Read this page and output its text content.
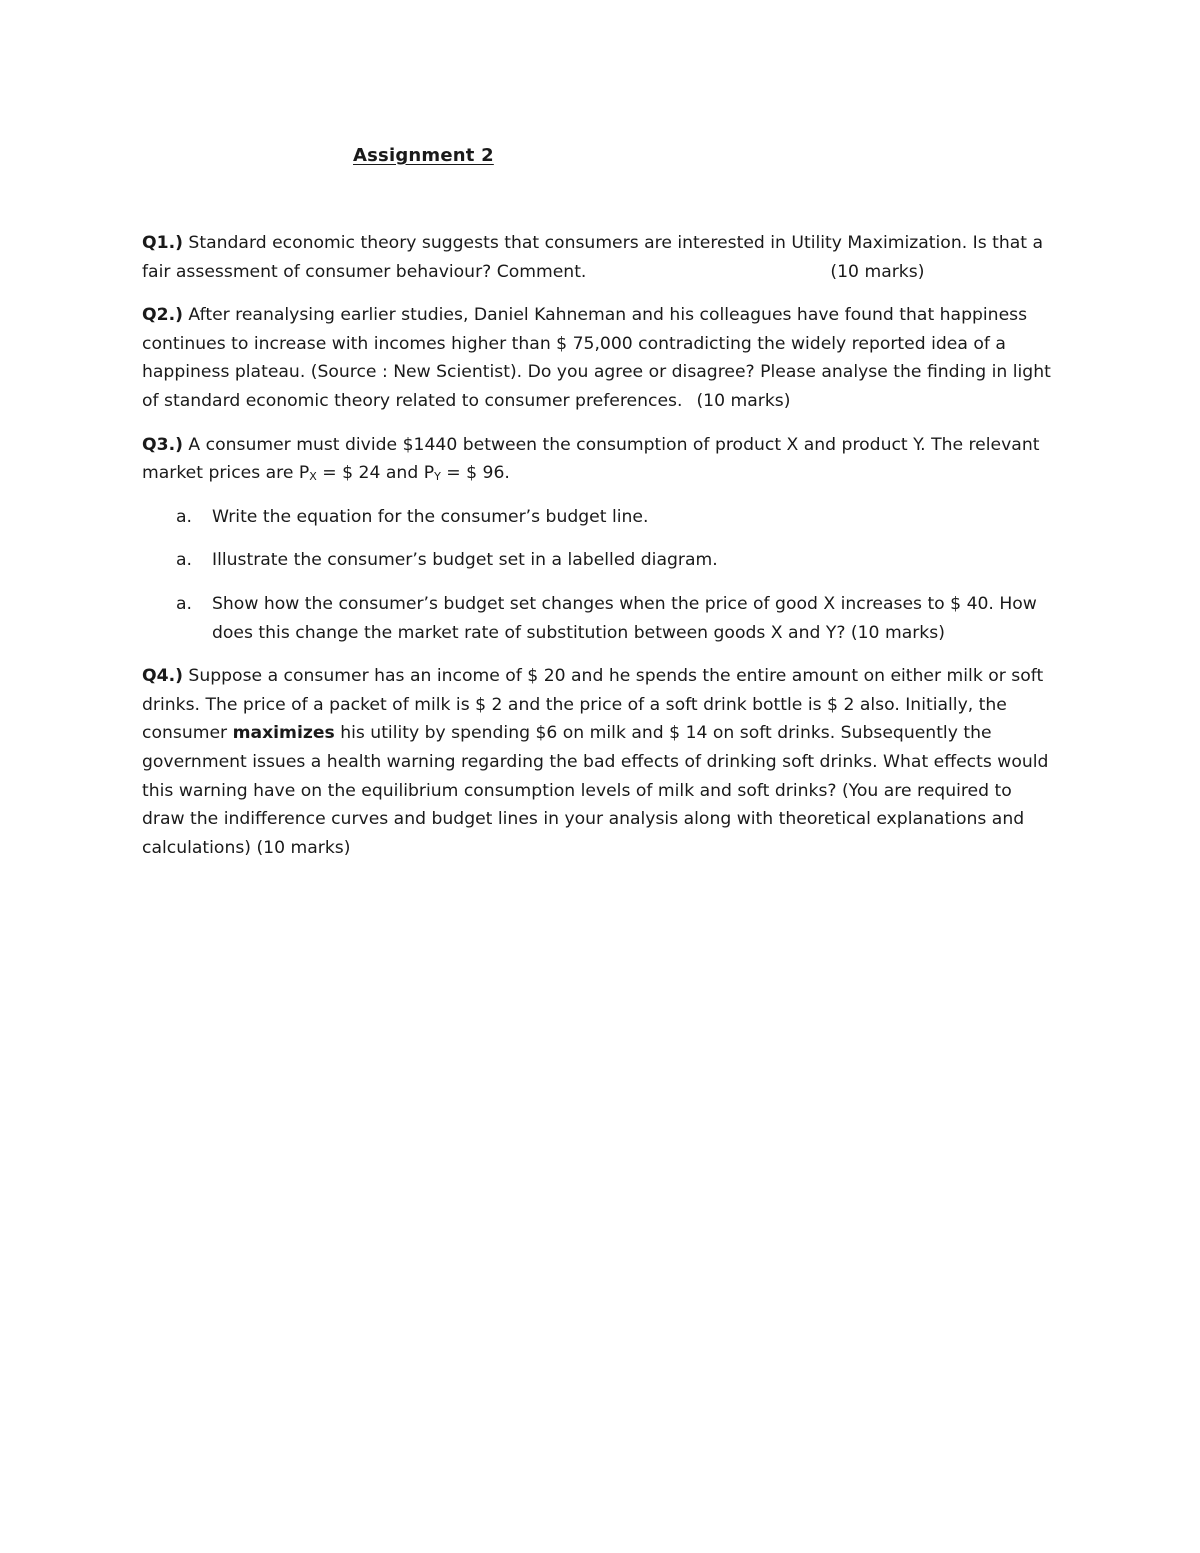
Assignment 2
Q1.) Standard economic theory suggests that consumers are interested in Utility Maximization. Is that a
fair assessment of consumer behaviour? Comment.	(10 marks)
Q2.) After reanalysing earlier studies, Daniel Kahneman and his colleagues have found that happiness
continues to increase with incomes higher than $ 75,000 contradicting the widely reported idea of a
happiness plateau. (Source : New Scientist). Do you agree or disagree? Please analyse the finding in light
of standard economic theory related to consumer preferences. (10 marks)
Q3.) A consumer must divide $1440 between the consumption of product X and product Y. The relevant
market prices are $P_X$ = $ 24 and $P_Y$ = $ 96.
a. Write the equation for the consumer’s budget line.
a. Illustrate the consumer’s budget set in a labelled diagram.
a. Show how the consumer’s budget set changes when the price of good X increases to $ 40. How
does this change the market rate of substitution between goods X and Y? (10 marks)
Q4.) Suppose a consumer has an income of $ 20 and he spends the entire amount on either milk or soft
drinks. The price of a packet of milk is $ 2 and the price of a soft drink bottle is $ 2 also. Initially, the
consumer maximizes his utility by spending $6 on milk and $ 14 on soft drinks. Subsequently the
government issues a health warning regarding the bad effects of drinking soft drinks. What effects would
this warning have on the equilibrium consumption levels of milk and soft drinks? (You are required to
draw the indifference curves and budget lines in your analysis along with theoretical explanations and
calculations) (10 marks)
